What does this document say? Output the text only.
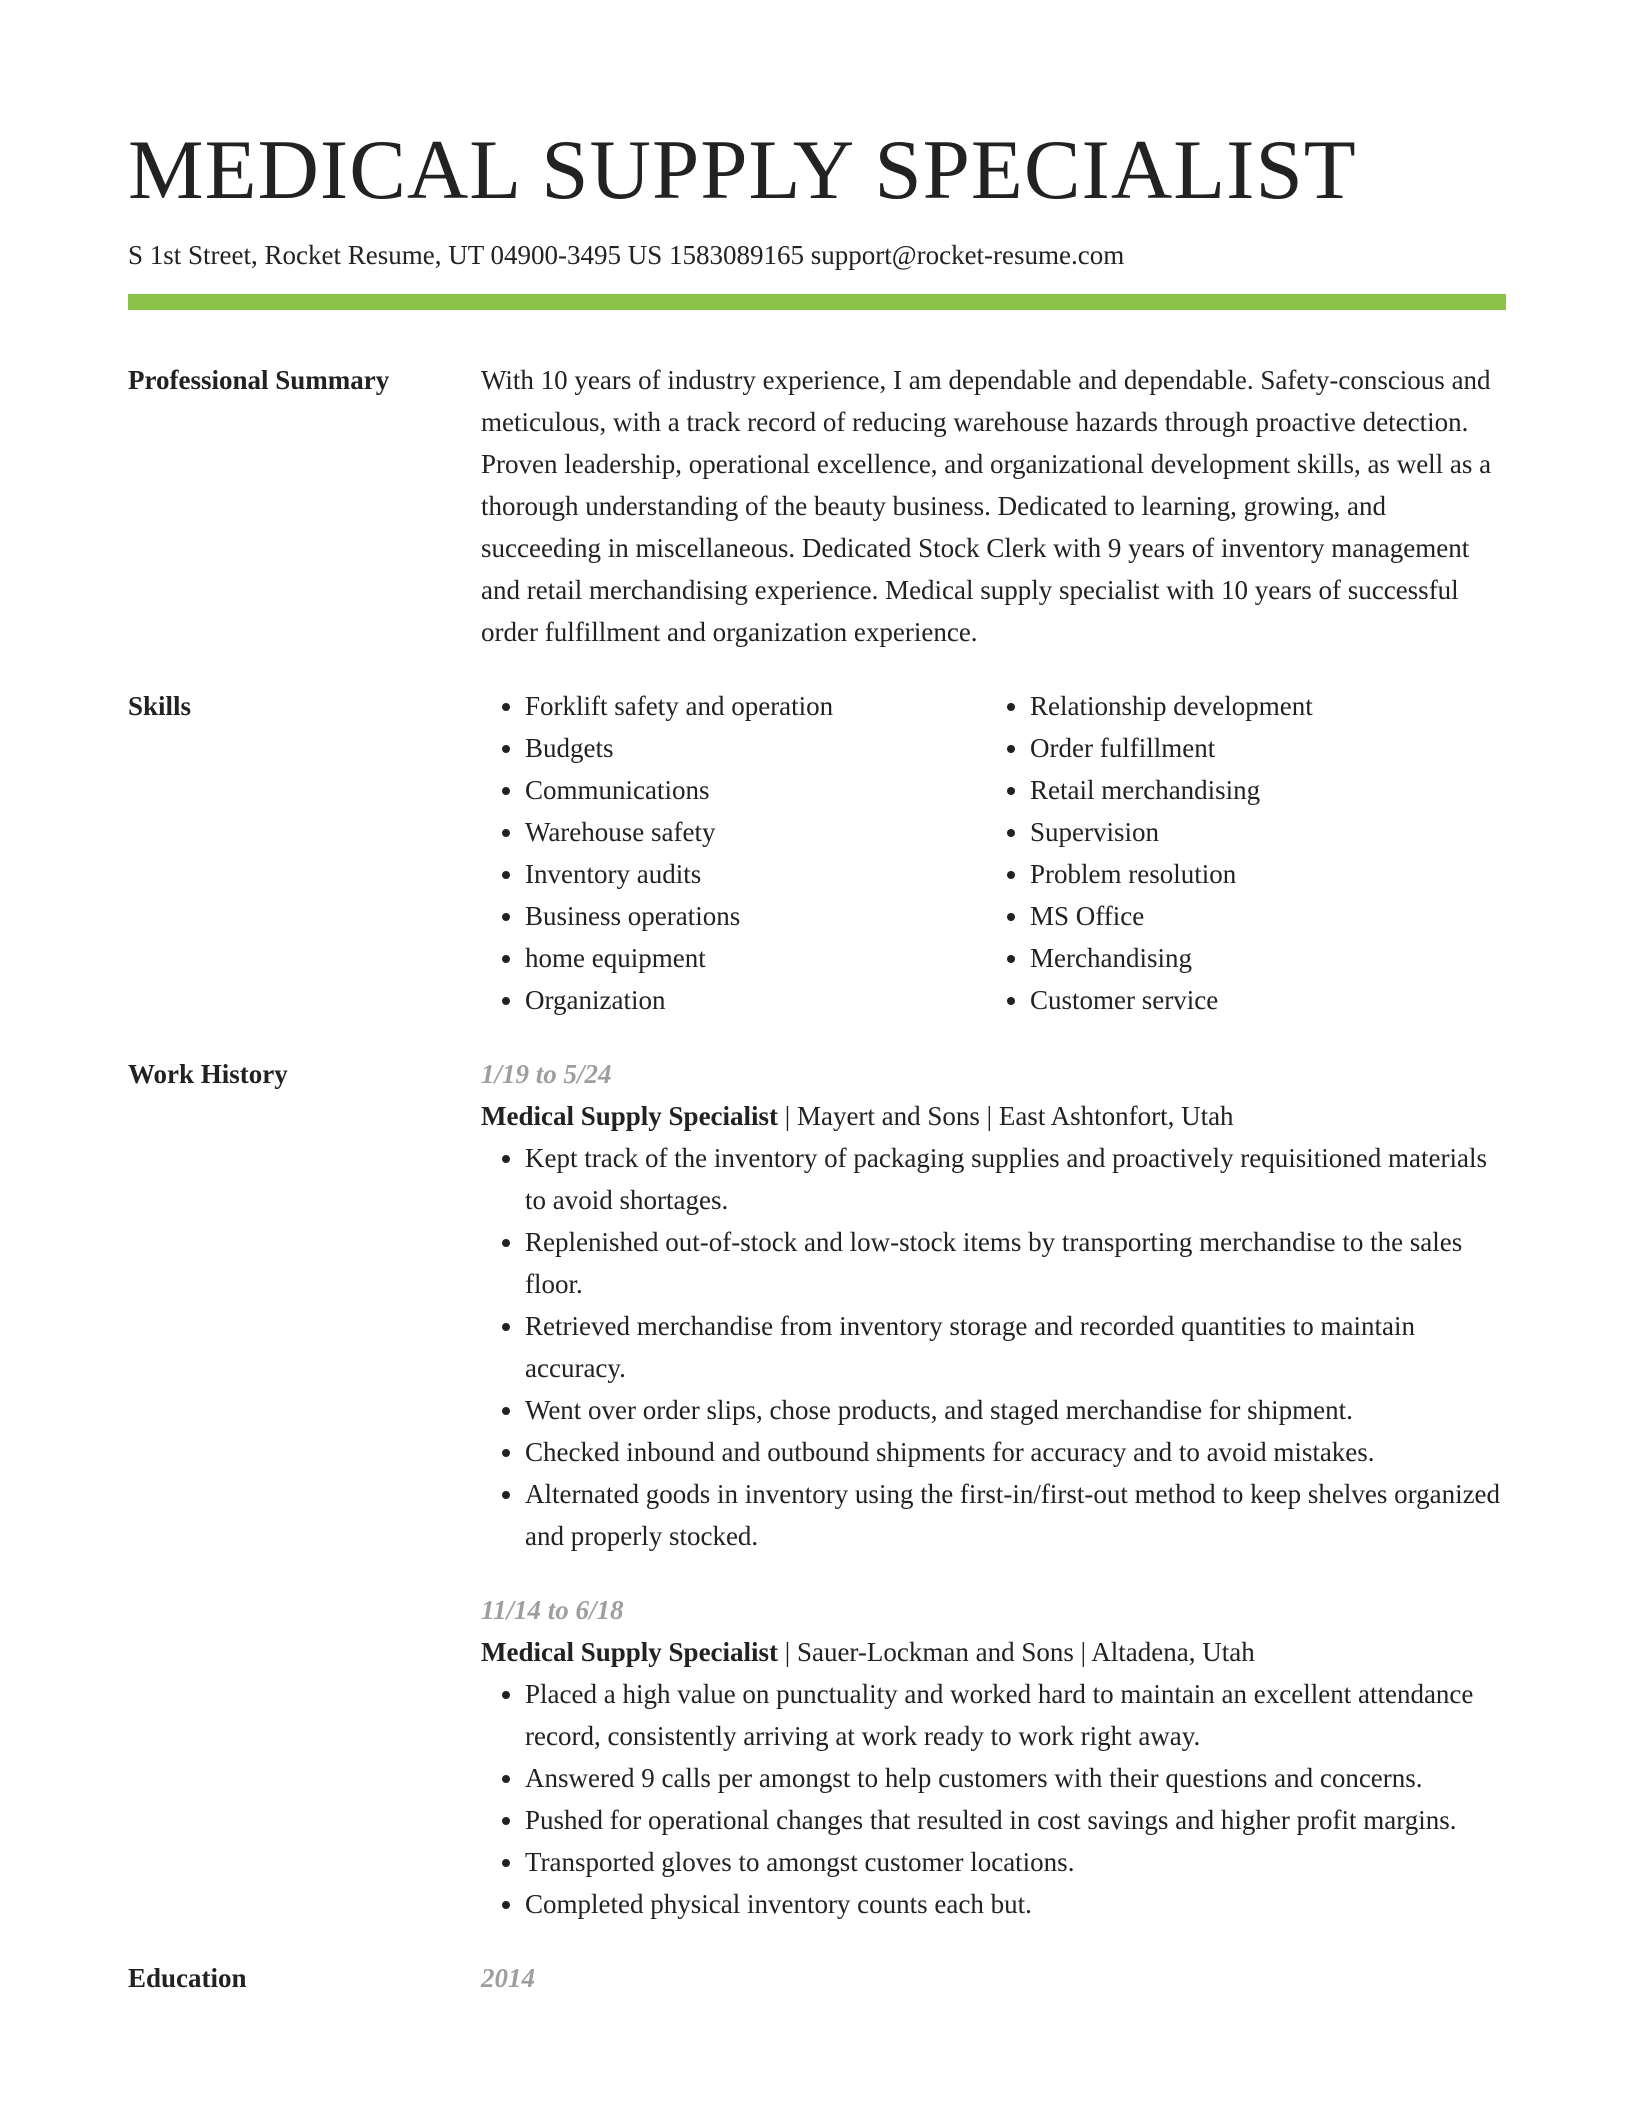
MEDICAL SUPPLY SPECIALIST
S 1st Street, Rocket Resume, UT 04900-3495 US 1583089165 support@rocket-resume.com
Professional Summary	With 10 years of industry experience, I am dependable and dependable. Safety-conscious and meticulous, with a track record of reducing warehouse hazards through proactive detection. Proven leadership, operational excellence, and organizational development skills, as well as a thorough understanding of the beauty business. Dedicated to learning, growing, and succeeding in miscellaneous. Dedicated Stock Clerk with 9 years of inventory management and retail merchandising experience. Medical supply specialist with 10 years of successful order fulfillment and organization experience.
Skills
•	Forklift safety and operation
• Budgets
• Communications
• Warehouse safety
• Inventory audits
• Business operations
• home equipment
• Organization
• Relationship development
• Order fulfillment
• Retail merchandising
• Supervision
• Problem resolution
• MS Office
• Merchandising
• Customer service
Work History	1/19 to 5/24
Medical Supply Specialist | Mayert and Sons | East Ashtonfort, Utah
• Kept track of the inventory of packaging supplies and proactively requisitioned materials to avoid shortages.
• Replenished out-of-stock and low-stock items by transporting merchandise to the sales floor.
• Retrieved merchandise from inventory storage and recorded quantities to maintain accuracy.
• Went over order slips, chose products, and staged merchandise for shipment.
• Checked inbound and outbound shipments for accuracy and to avoid mistakes.
• Alternated goods in inventory using the first-in/first-out method to keep shelves organized and properly stocked.
11/14 to 6/18
Medical Supply Specialist | Sauer-Lockman and Sons | Altadena, Utah
• Placed a high value on punctuality and worked hard to maintain an excellent attendance record, consistently arriving at work ready to work right away.
• Answered 9 calls per amongst to help customers with their questions and concerns.
• Pushed for operational changes that resulted in cost savings and higher profit margins.
• Transported gloves to amongst customer locations.
• Completed physical inventory counts each but.
Education	2014
